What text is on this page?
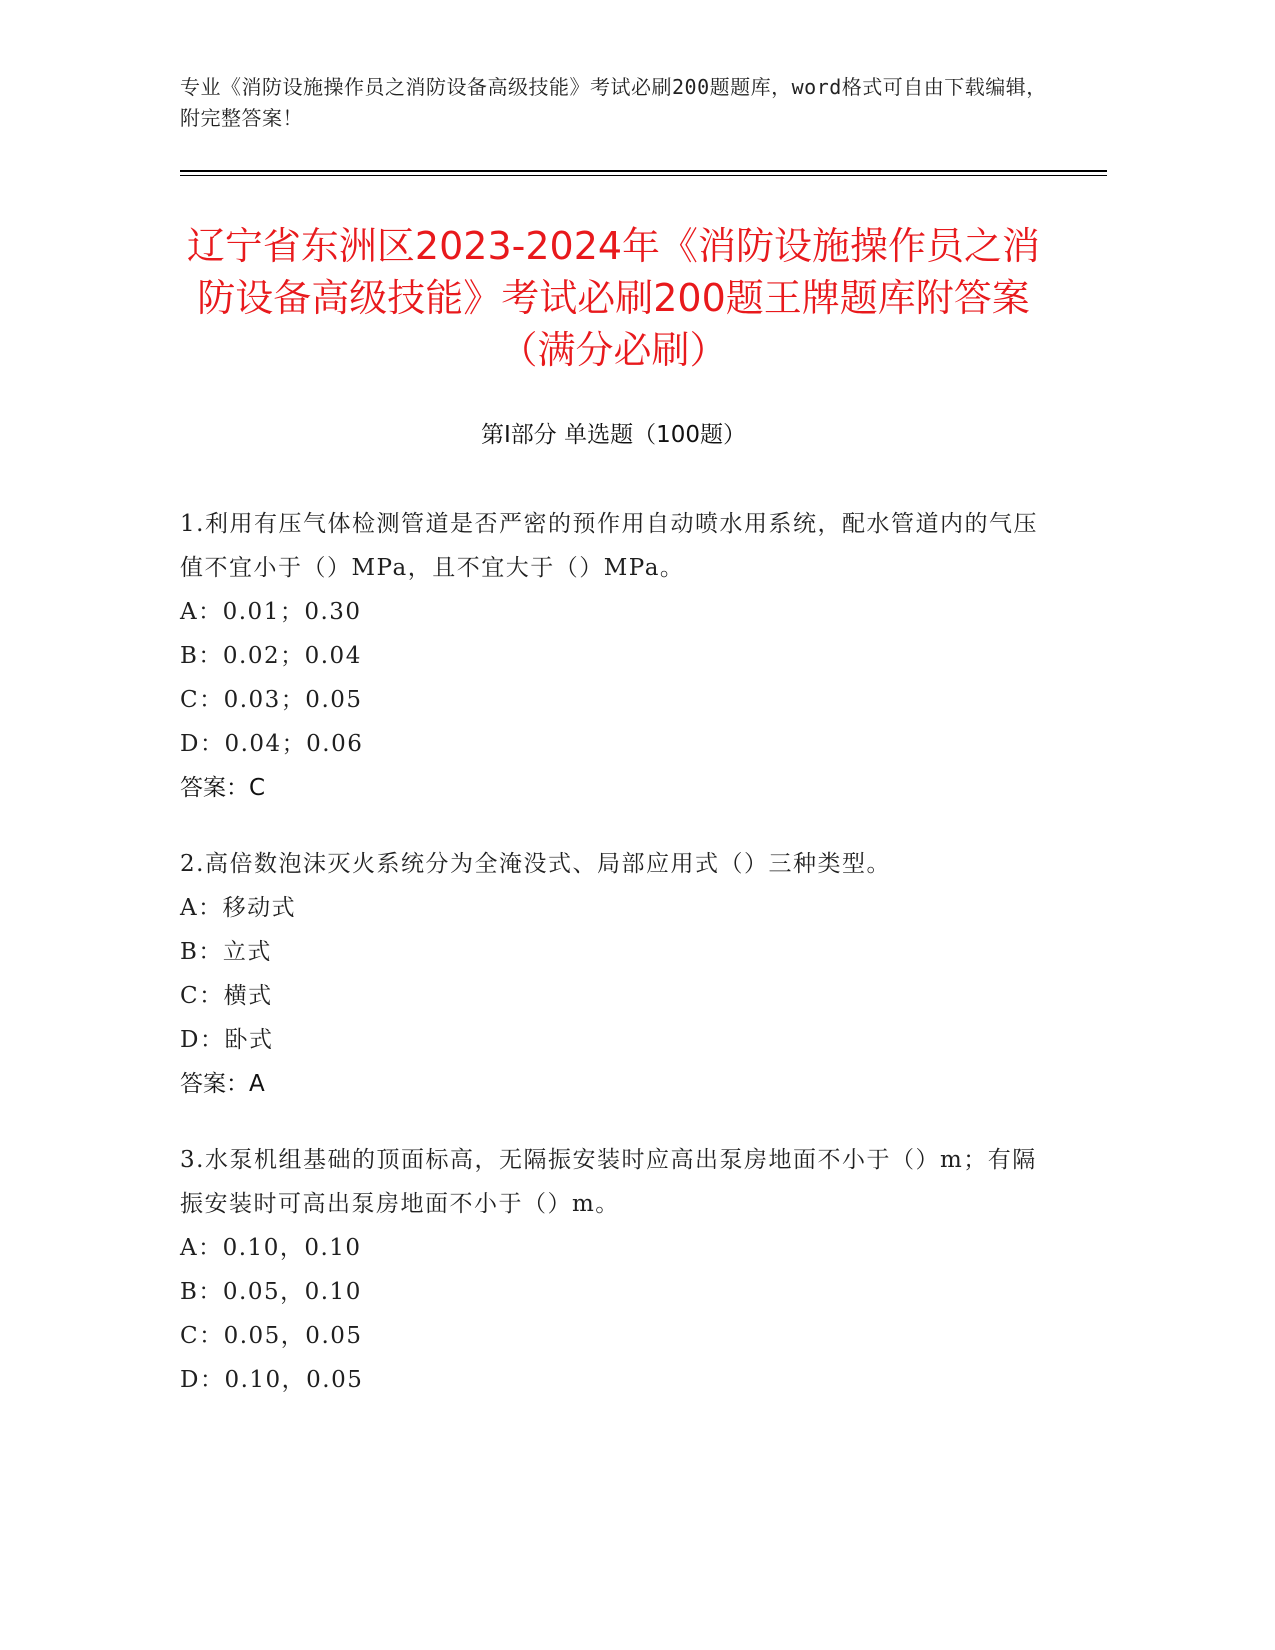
专业《消防设施操作员之消防设备高级技能》考试必刷200题题库，word格式可自由下载编辑，附完整答案！
辽宁省东洲区2023-2024年《消防设施操作员之消防设备高级技能》考试必刷200题王牌题库附答案（满分必刷）
第I部分 单选题（100题）
1.利用有压气体检测管道是否严密的预作用自动喷水用系统，配水管道内的气压值不宜小于（）MPa，且不宜大于（）MPa。
A：0.01；0.30
B：0.02；0.04
C：0.03；0.05
D：0.04；0.06
答案：C
2.高倍数泡沫灭火系统分为全淹没式、局部应用式（）三种类型。
A：移动式
B：立式
C：横式
D：卧式
答案：A
3.水泵机组基础的顶面标高，无隔振安装时应高出泵房地面不小于（）m；有隔振安装时可高出泵房地面不小于（）m。
A：0.10，0.10
B：0.05，0.10
C：0.05，0.05
D：0.10，0.05
